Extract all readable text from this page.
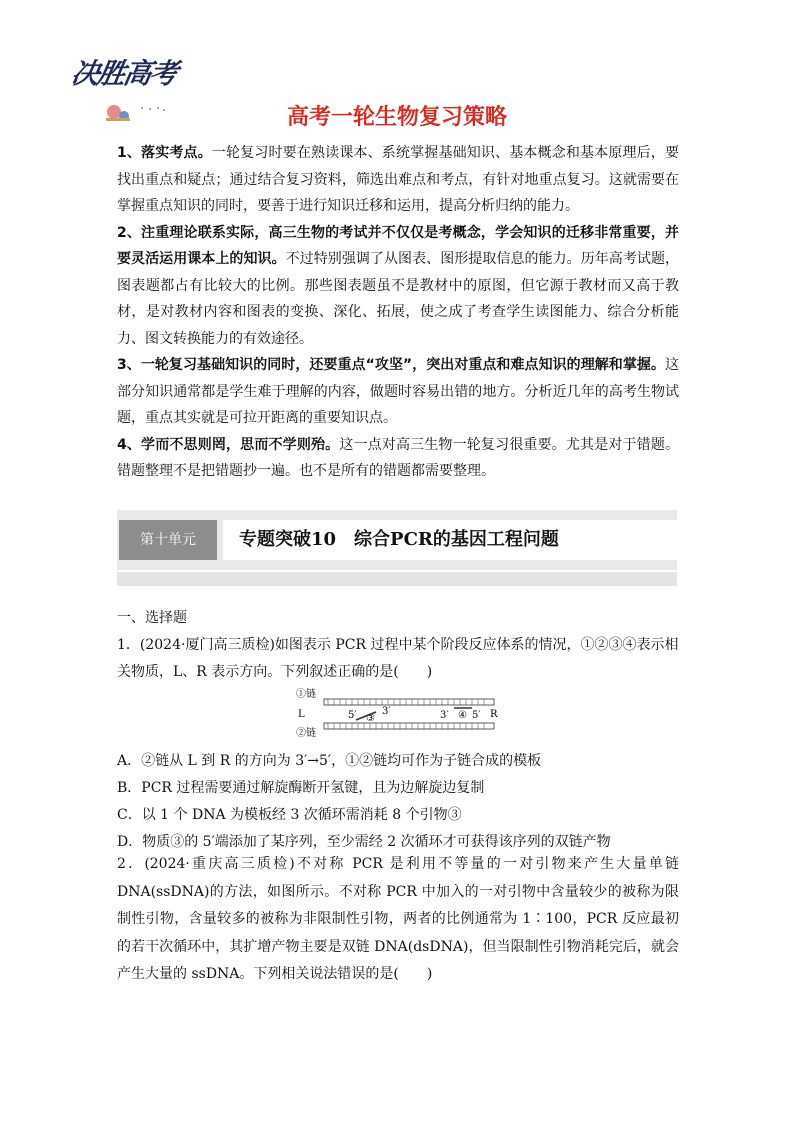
决胜高考
高考一轮生物复习策略

1、落实考点。一轮复习时要在熟读课本、系统掌握基础知识、基本概念和基本原理后，要找出重点和疑点；通过结合复习资料，筛选出难点和考点，有针对地重点复习。这就需要在掌握重点知识的同时，要善于进行知识迁移和运用，提高分析归纳的能力。

2、注重理论联系实际，高三生物的考试并不仅仅是考概念，学会知识的迁移非常重要，并要灵活运用课本上的知识。不过特别强调了从图表、图形提取信息的能力。历年高考试题，图表题都占有比较大的比例。那些图表题虽不是教材中的原图，但它源于教材而又高于教材，是对教材内容和图表的变换、深化、拓展，使之成了考查学生读图能力、综合分析能力、图文转换能力的有效途径。

3、一轮复习基础知识的同时，还要重点“攻坚”，突出对重点和难点知识的理解和掌握。这部分知识通常都是学生难于理解的内容，做题时容易出错的地方。分析近几年的高考生物试题，重点其实就是可拉开距离的重要知识点。

4、学而不思则罔，思而不学则殆。这一点对高三生物一轮复习很重要。尤其是对于错题。错题整理不是把错题抄一遍。也不是所有的错题都需要整理。

第十单元	专题突破10　综合PCR的基因工程问题
一、选择题

1．(2024·厦门高三质检)如图表示 PCR 过程中某个阶段反应体系的情况，①②③④表示相关物质，L、R 表示方向。下列叙述正确的是(　　)

A．②链从 L 到 R 的方向为 3′→5′，①②链均可作为子链合成的模板

B．PCR 过程需要通过解旋酶断开氢键，且为边解旋边复制

C．以 1 个 DNA 为模板经 3 次循环需消耗 8 个引物③

D．物质③的 5′端添加了某序列，至少需经 2 次循环才可获得该序列的双链产物

①链
②链
L	R
5′ ③
3′	3′ ④ 5′

2．(2024·重庆高三质检)不对称 PCR 是利用不等量的一对引物来产生大量单链 DNA(ssDNA)的方法，如图所示。不对称 PCR 中加入的一对引物中含量较少的被称为限制性引物，含量较多的被称为非限制性引物，两者的比例通常为 1∶100，PCR 反应最初的若干次循环中，其扩增产物主要是双链 DNA(dsDNA)，但当限制性引物消耗完后，就会产生大量的 ssDNA。下列相关说法错误的是(　　)
